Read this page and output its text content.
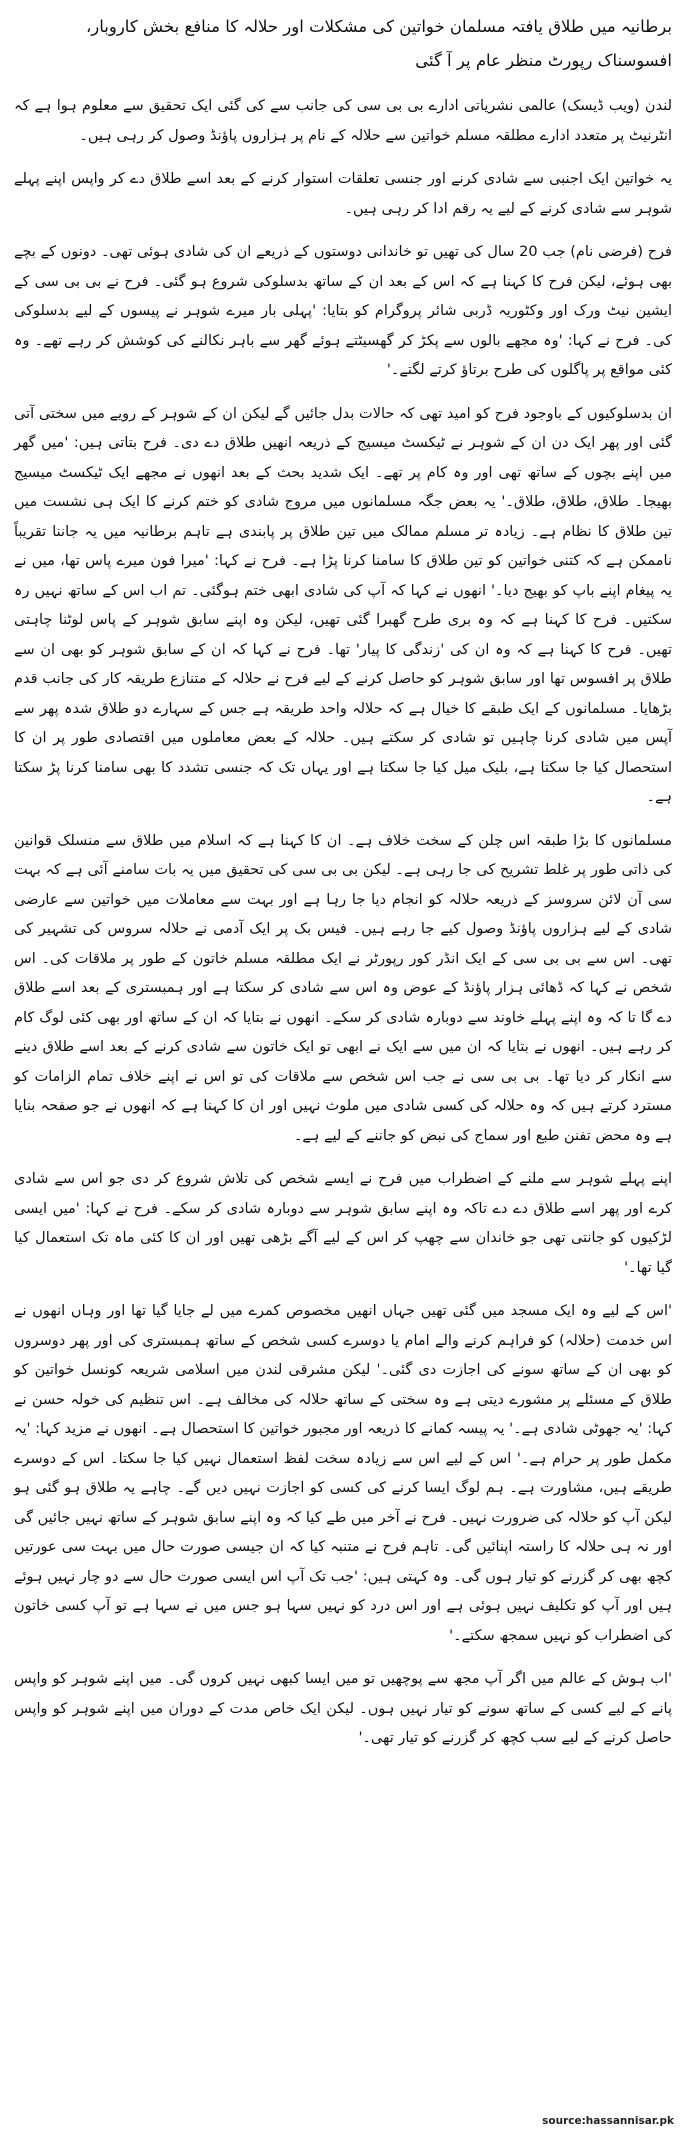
برطانیہ میں طلاق یافتہ مسلمان خواتین کی مشکلات اور حلالہ کا منافع بخش کاروبار، افسوسناک رپورٹ منظر عام پر آ گئی

لندن (ویب ڈیسک) عالمی نشریاتی ادارے بی بی سی کی جانب سے کی گئی ایک تحقیق سے معلوم ہوا ہے کہ انٹرنیٹ پر متعدد ادارے مطلقہ مسلم خواتین سے حلالہ کے نام پر ہزاروں پاؤنڈ وصول کر رہی ہیں۔

یہ خواتین ایک اجنبی سے شادی کرنے اور جنسی تعلقات استوار کرنے کے بعد اسے طلاق دے کر واپس اپنے پہلے شوہر سے شادی کرنے کے لیے یہ رقم ادا کر رہی ہیں۔

فرح (فرضی نام) جب 20 سال کی تھیں تو خاندانی دوستوں کے ذریعے ان کی شادی ہوئی تھی۔ دونوں کے بچے بھی ہوئے، لیکن فرح کا کہنا ہے کہ اس کے بعد ان کے ساتھ بدسلوکی شروع ہو گئی۔ فرح نے بی بی سی کے ایشین نیٹ ورک اور وکٹوریہ ڈربی شائر پروگرام کو بتایا: 'پہلی بار میرے شوہر نے پیسوں کے لیے بدسلوکی کی۔ فرح نے کہا: 'وہ مجھے بالوں سے پکڑ کر گھسیٹتے ہوئے گھر سے باہر نکالنے کی کوشش کر رہے تھے۔ وہ کئی مواقع پر پاگلوں کی طرح برتاؤ کرتے لگتے۔'

ان بدسلوکیوں کے باوجود فرح کو امید تھی کہ حالات بدل جائیں گے لیکن ان کے شوہر کے رویے میں سختی آتی گئی اور پھر ایک دن ان کے شوہر نے ٹیکسٹ میسیج کے ذریعہ انھیں طلاق دے دی۔ فرح بتاتی ہیں: 'میں گھر میں اپنے بچوں کے ساتھ تھی اور وہ کام پر تھے۔ ایک شدید بحث کے بعد انھوں نے مجھے ایک ٹیکسٹ میسیج بھیجا۔ طلاق، طلاق، طلاق۔' یہ بعض جگہ مسلمانوں میں مروج شادی کو ختم کرنے کا ایک ہی نشست میں تین طلاق کا نظام ہے۔ زیادہ تر مسلم ممالک میں تین طلاق پر پابندی ہے تاہم برطانیہ میں یہ جاننا تقریباً ناممکن ہے کہ کتنی خواتین کو تین طلاق کا سامنا کرنا پڑا ہے۔ فرح نے کہا: 'میرا فون میرے پاس تھا، میں نے یہ پیغام اپنے باپ کو بھیج دیا۔' انھوں نے کہا کہ آپ کی شادی ابھی ختم ہوگئی۔ تم اب اس کے ساتھ نہیں رہ سکتیں۔ فرح کا کہنا ہے کہ وہ بری طرح گھبرا گئی تھیں، لیکن وہ اپنے سابق شوہر کے پاس لوٹنا چاہتی تھیں۔ فرح کا کہنا ہے کہ وہ ان کی 'زندگی کا پیار' تھا۔ فرح نے کہا کہ ان کے سابق شوہر کو بھی ان سے طلاق پر افسوس تھا اور سابق شوہر کو حاصل کرنے کے لیے فرح نے حلالہ کے متنازع طریقہ کار کی جانب قدم بڑھایا۔ مسلمانوں کے ایک طبقے کا خیال ہے کہ حلالہ واحد طریقہ ہے جس کے سہارے دو طلاق شدہ پھر سے آپس میں شادی کرنا چاہیں تو شادی کر سکتے ہیں۔ حلالہ کے بعض معاملوں میں اقتصادی طور پر ان کا استحصال کیا جا سکتا ہے، بلیک میل کیا جا سکتا ہے اور یہاں تک کہ جنسی تشدد کا بھی سامنا کرنا پڑ سکتا ہے۔

مسلمانوں کا بڑا طبقہ اس چلن کے سخت خلاف ہے۔ ان کا کہنا ہے کہ اسلام میں طلاق سے منسلک قوانین کی ذاتی طور پر غلط تشریح کی جا رہی ہے۔ لیکن بی بی سی کی تحقیق میں یہ بات سامنے آئی ہے کہ بہت سی آن لائن سروسز کے ذریعہ حلالہ کو انجام دیا جا رہا ہے اور بہت سے معاملات میں خواتین سے عارضی شادی کے لیے ہزاروں پاؤنڈ وصول کیے جا رہے ہیں۔ فیس بک پر ایک آدمی نے حلالہ سروس کی تشہیر کی تھی۔ اس سے بی بی سی کے ایک انڈر کور رپورٹر نے ایک مطلقہ مسلم خاتون کے طور پر ملاقات کی۔ اس شخص نے کہا کہ ڈھائی ہزار پاؤنڈ کے عوض وہ اس سے شادی کر سکتا ہے اور ہمبستری کے بعد اسے طلاق دے گا تا کہ وہ اپنے پہلے خاوند سے دوبارہ شادی کر سکے۔ انھوں نے بتایا کہ ان کے ساتھ اور بھی کئی لوگ کام کر رہے ہیں۔ انھوں نے بتایا کہ ان میں سے ایک نے ابھی تو ایک خاتون سے شادی کرنے کے بعد اسے طلاق دینے سے انکار کر دیا تھا۔ بی بی سی نے جب اس شخص سے ملاقات کی تو اس نے اپنے خلاف تمام الزامات کو مسترد کرتے ہیں کہ وہ حلالہ کی کسی شادی میں ملوث نہیں اور ان کا کہنا ہے کہ انھوں نے جو صفحہ بنایا ہے وہ محض تفنن طبع اور سماج کی نبض کو جاننے کے لیے ہے۔

اپنے پہلے شوہر سے ملنے کے اضطراب میں فرح نے ایسے شخص کی تلاش شروع کر دی جو اس سے شادی کرے اور پھر اسے طلاق دے دے تاکہ وہ اپنے سابق شوہر سے دوبارہ شادی کر سکے۔ فرح نے کہا: 'میں ایسی لڑکیوں کو جانتی تھی جو خاندان سے چھپ کر اس کے لیے آگے بڑھی تھیں اور ان کا کئی ماہ تک استعمال کیا گیا تھا۔'

'اس کے لیے وہ ایک مسجد میں گئی تھیں جہاں انھیں مخصوص کمرے میں لے جایا گیا تھا اور وہاں انھوں نے اس خدمت (حلالہ) کو فراہم کرنے والے امام یا دوسرے کسی شخص کے ساتھ ہمبستری کی اور پھر دوسروں کو بھی ان کے ساتھ سونے کی اجازت دی گئی۔' لیکن مشرقی لندن میں اسلامی شریعہ کونسل خواتین کو طلاق کے مسئلے پر مشورے دیتی ہے وہ سختی کے ساتھ حلالہ کی مخالف ہے۔ اس تنظیم کی خولہ حسن نے کہا: 'یہ جھوٹی شادی ہے۔' یہ پیسہ کمانے کا ذریعہ اور مجبور خواتین کا استحصال ہے۔ انھوں نے مزید کہا: 'یہ مکمل طور پر حرام ہے۔' اس کے لیے اس سے زیادہ سخت لفظ استعمال نہیں کیا جا سکتا۔ اس کے دوسرے طریقے ہیں، مشاورت ہے۔ ہم لوگ ایسا کرنے کی کسی کو اجازت نہیں دیں گے۔ چاہے یہ طلاق ہو گئی ہو لیکن آپ کو حلالہ کی ضرورت نہیں۔ فرح نے آخر میں طے کیا کہ وہ اپنے سابق شوہر کے ساتھ نہیں جائیں گی اور نہ ہی حلالہ کا راستہ اپنائیں گی۔ تاہم فرح نے متنبہ کیا کہ ان جیسی صورت حال میں بہت سی عورتیں کچھ بھی کر گزرنے کو تیار ہوں گی۔ وہ کہتی ہیں: 'جب تک آپ اس ایسی صورت حال سے دو چار نہیں ہوئے ہیں اور آپ کو تکلیف نہیں ہوئی ہے اور اس درد کو نہیں سہا ہو جس میں نے سہا ہے تو آپ کسی خاتون کی اضطراب کو نہیں سمجھ سکتے۔'

'اب ہوش کے عالم میں اگر آپ مجھ سے پوچھیں تو میں ایسا کبھی نہیں کروں گی۔ میں اپنے شوہر کو واپس پانے کے لیے کسی کے ساتھ سونے کو تیار نہیں ہوں۔ لیکن ایک خاص مدت کے دوران میں اپنے شوہر کو واپس حاصل کرنے کے لیے سب کچھ کر گزرنے کو تیار تھی۔'

source:hassannisar.pk
